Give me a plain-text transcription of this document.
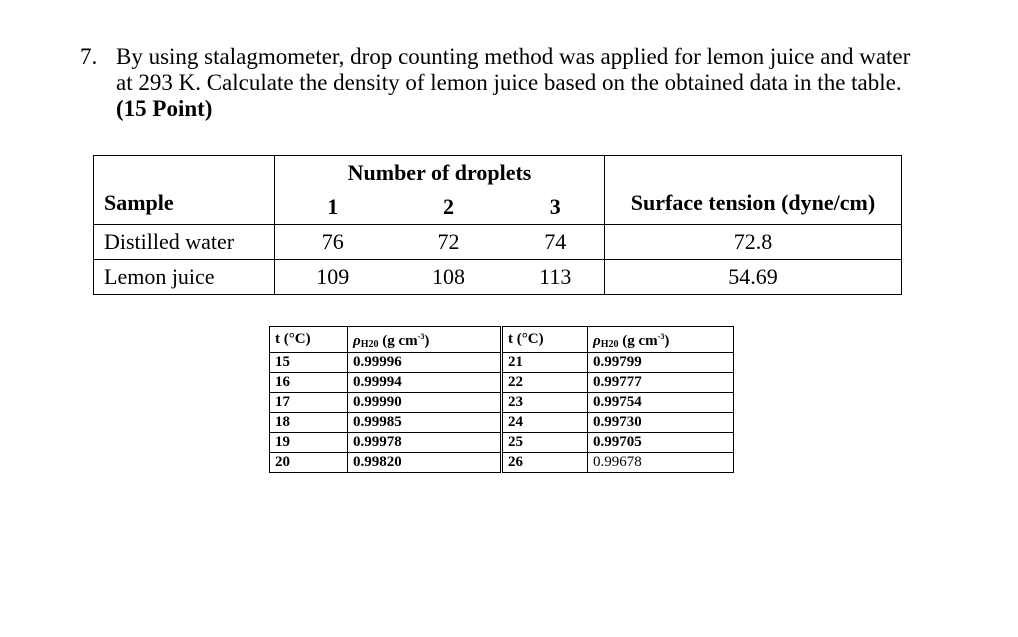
7. By using stalagmometer, drop counting method was applied for lemon juice and water
at 293 K. Calculate the density of lemon juice based on the obtained data in the table.
(15 Point)
	Number of droplets			
Sample	1	2	3	Surface tension (dyne/cm)
Distilled water	76	72	74	72.8
Lemon juice	109	108	113	54.69
t (°C)	$\rho_{H20}$ (g $cm^{-3}$)	t (°C)	$\rho_{H20}$ (g $cm^{-3}$)
15	0.99996	21	0.99799
16	0.99994	22	0.99777
17	0.99990	23	0.99754
18	0.99985	24	0.99730
19	0.99978	25	0.99705
20	0.99820	26	0.99678
